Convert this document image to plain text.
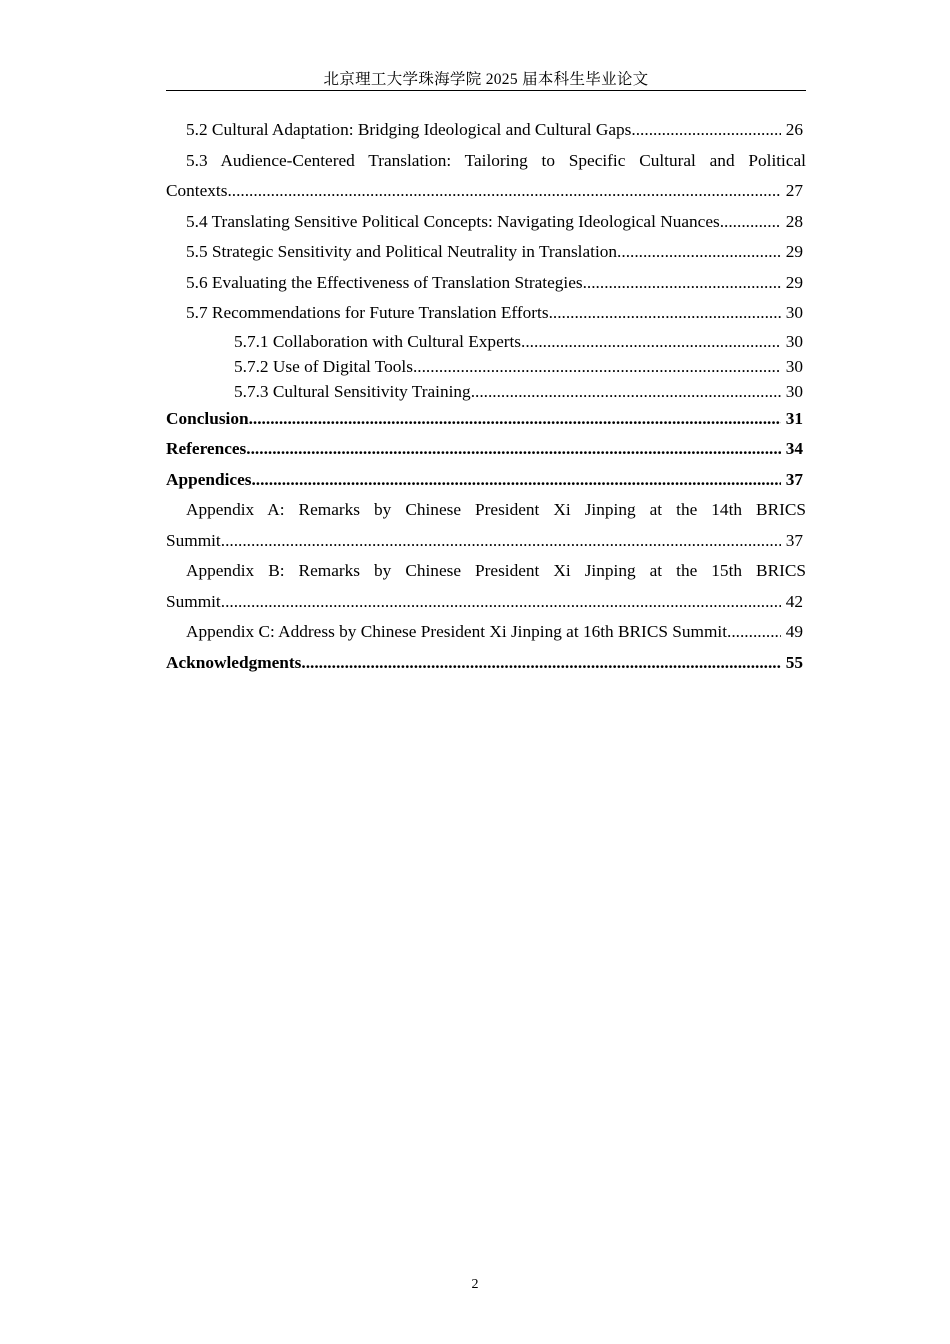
北京理工大学珠海学院 2025 届本科生毕业论文
5.2 Cultural Adaptation: Bridging Ideological and Cultural Gaps .....	26
5.3 Audience-Centered Translation: Tailoring to Specific Cultural and Political
Contexts .....	27
5.4 Translating Sensitive Political Concepts: Navigating Ideological Nuances .....	28
5.5 Strategic Sensitivity and Political Neutrality in Translation .....	29
5.6 Evaluating the Effectiveness of Translation Strategies .....	29
5.7 Recommendations for Future Translation Efforts .....	30
5.7.1 Collaboration with Cultural Experts .....	30
5.7.2 Use of Digital Tools .....	30
5.7.3 Cultural Sensitivity Training .....	30
Conclusion .....	31
References .....	34
Appendices .....	37
Appendix A: Remarks by Chinese President Xi Jinping at the 14th BRICS
Summit .....	37
Appendix B: Remarks by Chinese President Xi Jinping at the 15th BRICS
Summit .....	42
Appendix C: Address by Chinese President Xi Jinping at 16th BRICS Summit .....	49
Acknowledgments .....	55
2
